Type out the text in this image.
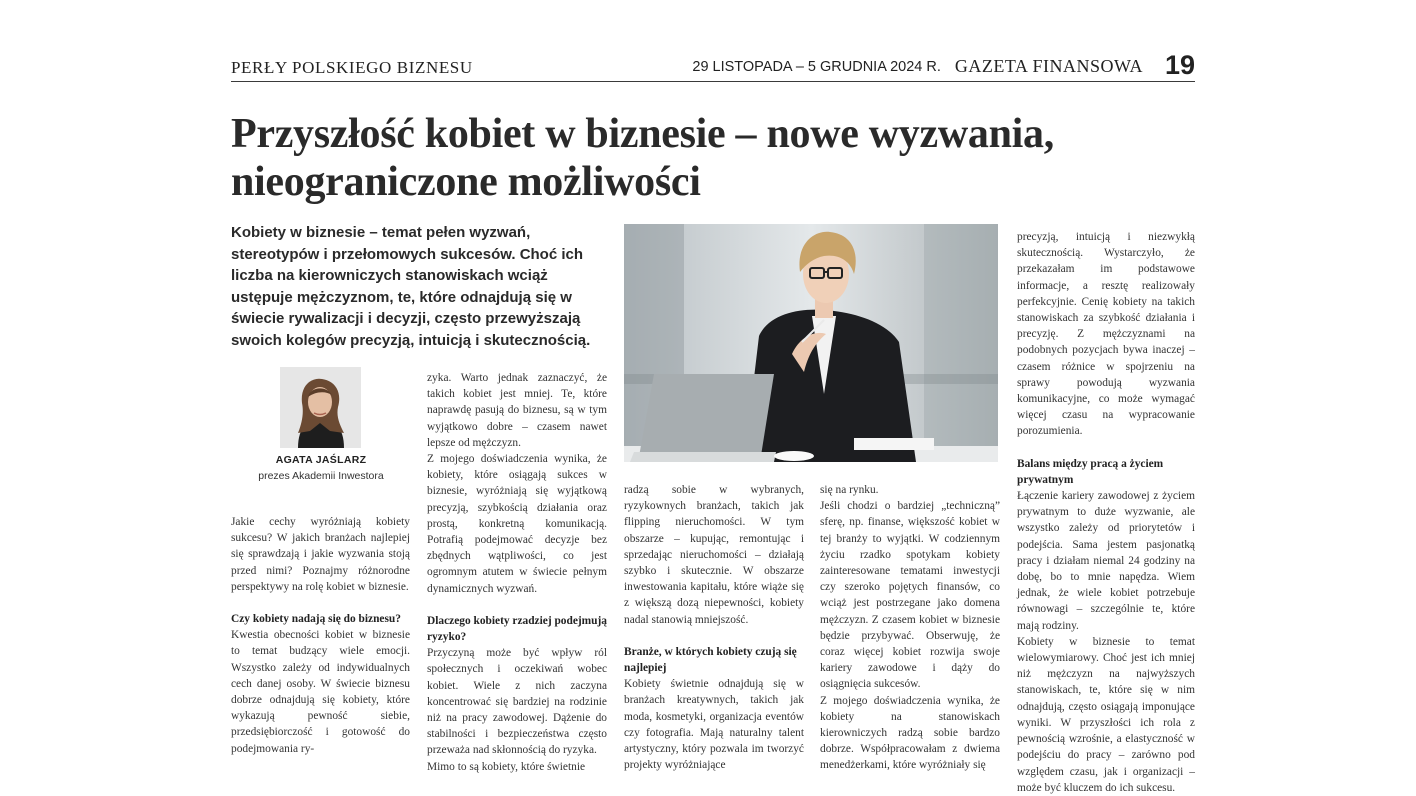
PERŁY POLSKIEGO BIZNESU	29 LISTOPADA – 5 GRUDNIA 2024 R. GAZETA FINANSOWA 19
Przyszłość kobiet w biznesie – nowe wyzwania, nieograniczone możliwości
Kobiety w biznesie – temat pełen wyzwań, stereotypów i przełomowych sukcesów. Choć ich liczba na kierowniczych stanowiskach wciąż ustępuje mężczyznom, te, które odnajdują się w świecie rywalizacji i decyzji, często przewyższają swoich kolegów precyzją, intuicją i skutecznością.
AGATA JAŚLARZ
prezes Akademii Inwestora

Jakie cechy wyróżniają kobiety sukcesu? W jakich branżach najlepiej się sprawdzają i jakie wyzwania stoją przed nimi? Poznajmy różnorodne perspektywy na rolę kobiet w biznesie.

Czy kobiety nadają się do biznesu?

Kwestia obecności kobiet w biznesie to temat budzący wiele emocji. Wszystko zależy od indywidualnych cech danej osoby. W świecie biznesu dobrze odnajdują się kobiety, które wykazują pewność siebie, przedsiębiorczość i gotowość do podejmowania ry-

zyka. Warto jednak zaznaczyć, że takich kobiet jest mniej. Te, które naprawdę pasują do biznesu, są w tym wyjątkowo dobre – czasem nawet lepsze od mężczyzn.

Z mojego doświadczenia wynika, że kobiety, które osiągają sukces w biznesie, wyróżniają się wyjątkową precyzją, szybkością działania oraz prostą, konkretną komunikacją. Potrafią podejmować decyzje bez zbędnych wątpliwości, co jest ogromnym atutem w świecie pełnym dynamicznych wyzwań.

Dlaczego kobiety rzadziej podejmują ryzyko?

Przyczyną może być wpływ ról społecznych i oczekiwań wobec kobiet. Wiele z nich zaczyna koncentrować się bardziej na rodzinie niż na pracy zawodowej. Dążenie do stabilności i bezpieczeństwa często przeważa nad skłonnością do ryzyka.

Mimo to są kobiety, które świetnie

radzą sobie w wybranych, ryzykownych branżach, takich jak flipping nieruchomości. W tym obszarze – kupując, remontując i sprzedając nieruchomości – działają szybko i skutecznie. W obszarze inwestowania kapitału, które wiąże się z większą dozą niepewności, kobiety nadal stanowią mniejszość.

Branże, w których kobiety czują się najlepiej

Kobiety świetnie odnajdują się w branżach kreatywnych, takich jak moda, kosmetyki, organizacja eventów czy fotografia. Mają naturalny talent artystyczny, który pozwala im tworzyć projekty wyróżniające

się na rynku.

Jeśli chodzi o bardziej „techniczną” sferę, np. finanse, większość kobiet w tej branży to wyjątki. W codziennym życiu rzadko spotykam kobiety zainteresowane tematami inwestycji czy szeroko pojętych finansów, co wciąż jest postrzegane jako domena mężczyzn. Z czasem kobiet w biznesie będzie przybywać. Obserwuję, że coraz więcej kobiet rozwija swoje kariery zawodowe i dąży do osiągnięcia sukcesów.

Z mojego doświadczenia wynika, że kobiety na stanowiskach kierowniczych radzą sobie bardzo dobrze. Współpracowałam z dwiema menedżerkami, które wyróżniały się

precyzją, intuicją i niezwykłą skutecznością. Wystarczyło, że przekazałam im podstawowe informacje, a resztę realizowały perfekcyjnie. Cenię kobiety na takich stanowiskach za szybkość działania i precyzję. Z mężczyznami na podobnych pozycjach bywa inaczej – czasem różnice w spojrzeniu na sprawy powodują wyzwania komunikacyjne, co może wymagać więcej czasu na wypracowanie porozumienia.

Balans między pracą a życiem prywatnym

Łączenie kariery zawodowej z życiem prywatnym to duże wyzwanie, ale wszystko zależy od priorytetów i podejścia. Sama jestem pasjonatką pracy i działam niemal 24 godziny na dobę, bo to mnie napędza. Wiem jednak, że wiele kobiet potrzebuje równowagi – szczególnie te, które mają rodziny.

Kobiety w biznesie to temat wielowymiarowy. Choć jest ich mniej niż mężczyzn na najwyższych stanowiskach, te, które się w nim odnajdują, często osiągają imponujące wyniki. W przyszłości ich rola z pewnością wzrośnie, a elastyczność w podejściu do pracy – zarówno pod względem czasu, jak i organizacji – może być kluczem do ich sukcesu.
